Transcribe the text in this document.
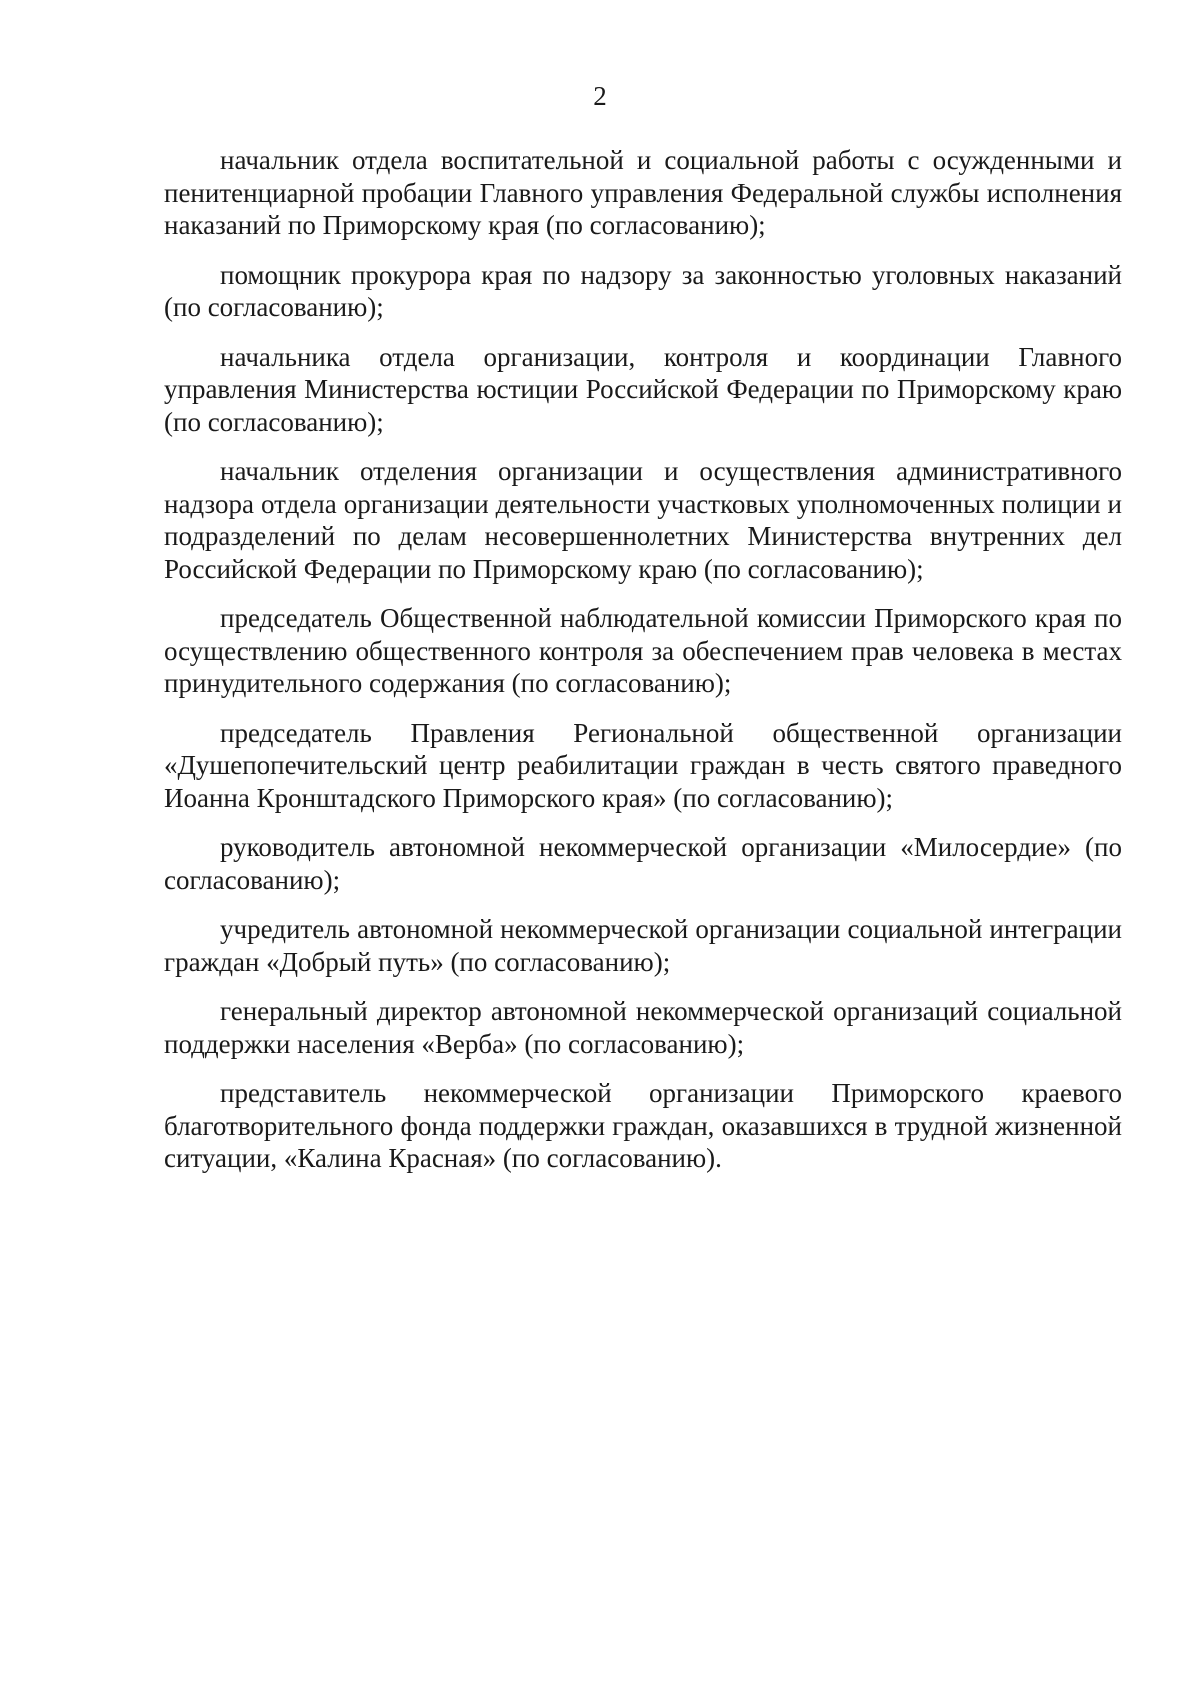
2

начальник отдела воспитательной и социальной работы с осужденными и пенитенциарной пробации Главного управления Федеральной службы исполнения наказаний по Приморскому края (по согласованию);

помощник прокурора края по надзору за законностью уголовных наказаний (по согласованию);

начальника отдела организации, контроля и координации Главного управления Министерства юстиции Российской Федерации по Приморскому краю (по согласованию);

начальник отделения организации и осуществления административного надзора отдела организации деятельности участковых уполномоченных полиции и подразделений по делам несовершеннолетних Министерства внутренних дел Российской Федерации по Приморскому краю (по согласованию);

председатель Общественной наблюдательной комиссии Приморского края по осуществлению общественного контроля за обеспечением прав человека в местах принудительного содержания (по согласованию);

председатель Правления Региональной общественной организации «Душепопечительский центр реабилитации граждан в честь святого праведного Иоанна Кронштадского Приморского края» (по согласованию);

руководитель автономной некоммерческой организации «Милосердие» (по согласованию);

учредитель автономной некоммерческой организации социальной интеграции граждан «Добрый путь» (по согласованию);

генеральный директор автономной некоммерческой организаций социальной поддержки населения «Верба» (по согласованию);

представитель некоммерческой организации Приморского краевого благотворительного фонда поддержки граждан, оказавшихся в трудной жизненной ситуации, «Калина Красная» (по согласованию).
